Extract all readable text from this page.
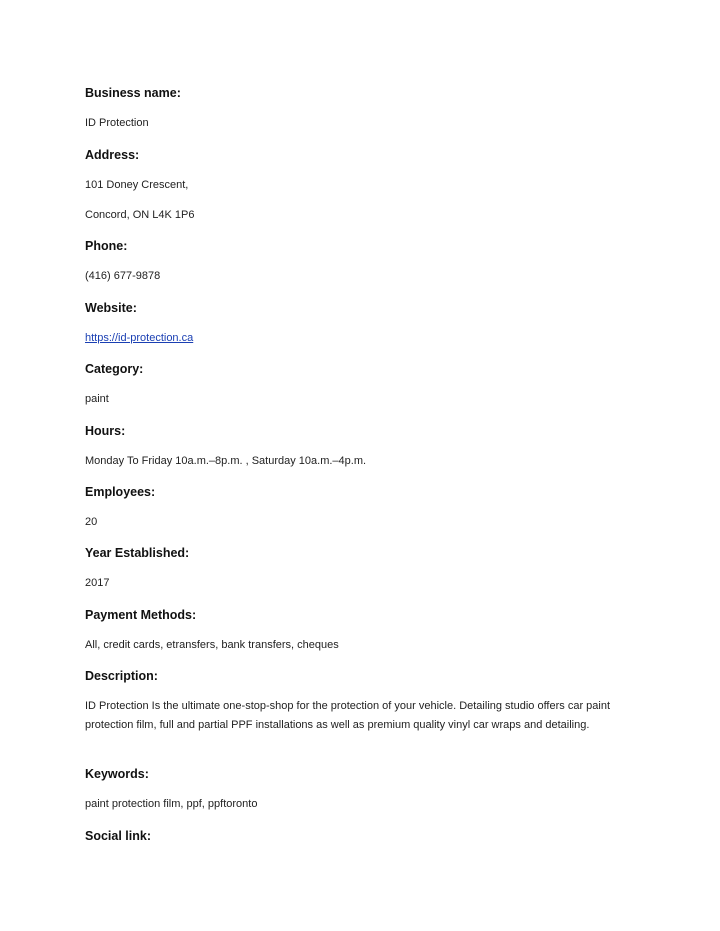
Business name:
ID Protection
Address:
101 Doney Crescent,
Concord, ON L4K 1P6
Phone:
(416) 677-9878
Website:
https://id-protection.ca
Category:
paint
Hours:
Monday To Friday 10a.m.–8p.m. , Saturday 10a.m.–4p.m.
Employees:
20
Year Established:
2017
Payment Methods:
All, credit cards, etransfers, bank transfers, cheques
Description:
ID Protection Is the ultimate one-stop-shop for the protection of your vehicle. Detailing studio offers car paint protection film, full and partial PPF installations as well as premium quality vinyl car wraps and detailing.
Keywords:
paint protection film, ppf, ppftoronto
Social link:
